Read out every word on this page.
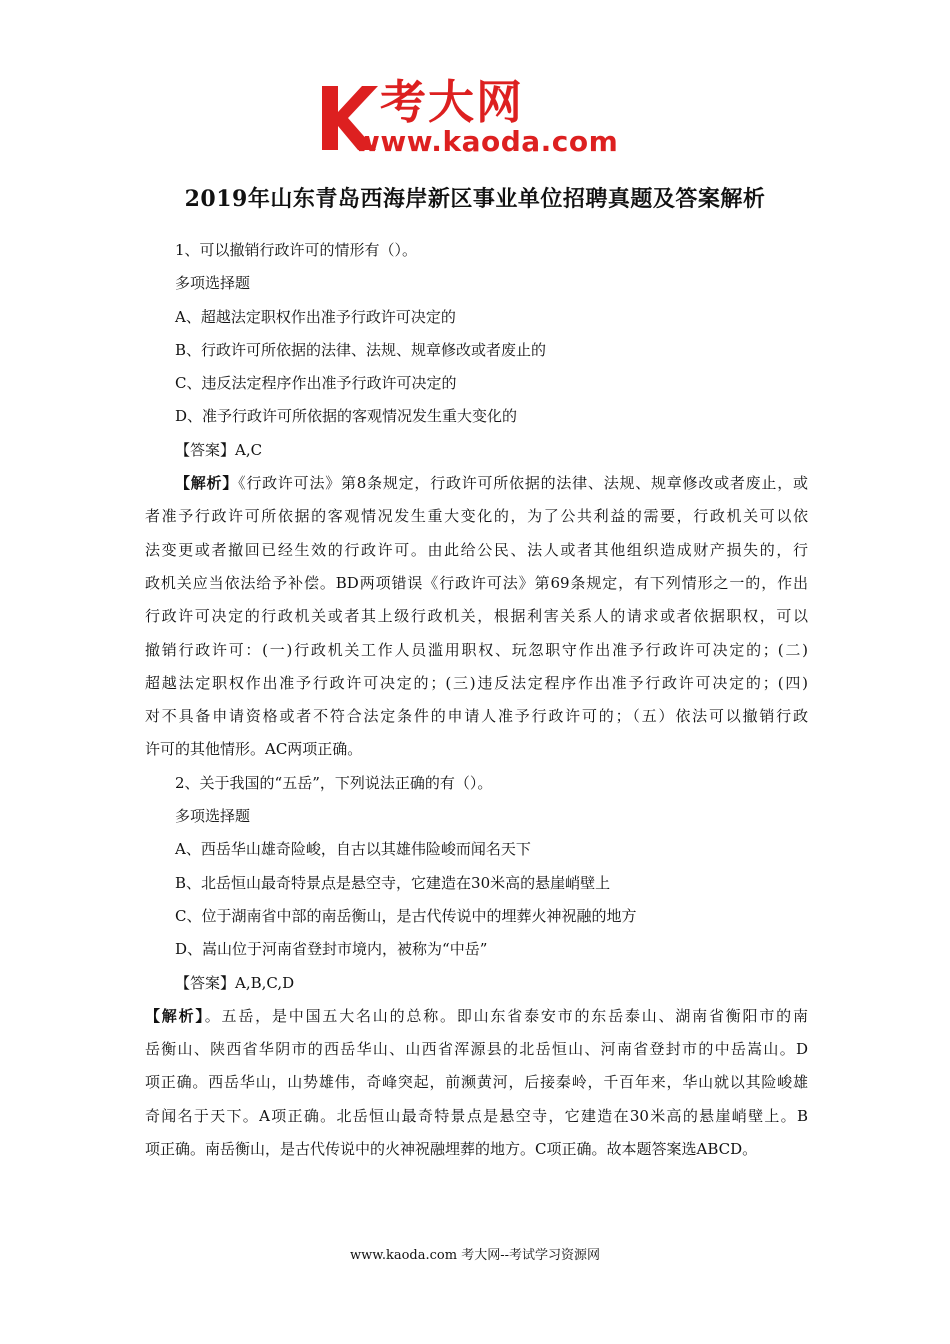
考大网
www.kaoda.com
2019年山东青岛西海岸新区事业单位招聘真题及答案解析

1、可以撤销行政许可的情形有（）。

多项选择题

A、超越法定职权作出准予行政许可决定的

B、行政许可所依据的法律、法规、规章修改或者废止的

C、违反法定程序作出准予行政许可决定的

D、准予行政许可所依据的客观情况发生重大变化的

【答案】A,C

【解析】《行政许可法》第8条规定，行政许可所依据的法律、法规、规章修改或者废止，或

者准予行政许可所依据的客观情况发生重大变化的，为了公共利益的需要，行政机关可以依

法变更或者撤回已经生效的行政许可。由此给公民、法人或者其他组织造成财产损失的，行

政机关应当依法给予补偿。BD两项错误《行政许可法》第69条规定，有下列情形之一的，作出

行政许可决定的行政机关或者其上级行政机关，根据利害关系人的请求或者依据职权，可以

撤销行政许可：(一)行政机关工作人员滥用职权、玩忽职守作出准予行政许可决定的；(二)

超越法定职权作出准予行政许可决定的；(三)违反法定程序作出准予行政许可决定的；(四)

对不具备申请资格或者不符合法定条件的申请人准予行政许可的；（五）依法可以撤销行政

许可的其他情形。AC两项正确。

2、关于我国的“五岳”，下列说法正确的有（）。

多项选择题

A、西岳华山雄奇险峻，自古以其雄伟险峻而闻名天下

B、北岳恒山最奇特景点是悬空寺，它建造在30米高的悬崖峭壁上

C、位于湖南省中部的南岳衡山，是古代传说中的埋葬火神祝融的地方

D、嵩山位于河南省登封市境内，被称为“中岳”

【答案】A,B,C,D

【解析】。五岳，是中国五大名山的总称。即山东省泰安市的东岳泰山、湖南省衡阳市的南

岳衡山、陕西省华阴市的西岳华山、山西省浑源县的北岳恒山、河南省登封市的中岳嵩山。D

项正确。西岳华山，山势雄伟，奇峰突起，前濒黄河，后接秦岭，千百年来，华山就以其险峻雄

奇闻名于天下。A项正确。北岳恒山最奇特景点是悬空寺，它建造在30米高的悬崖峭壁上。B

项正确。南岳衡山，是古代传说中的火神祝融埋葬的地方。C项正确。故本题答案选ABCD。

www.kaoda.com 考大网--考试学习资源网
